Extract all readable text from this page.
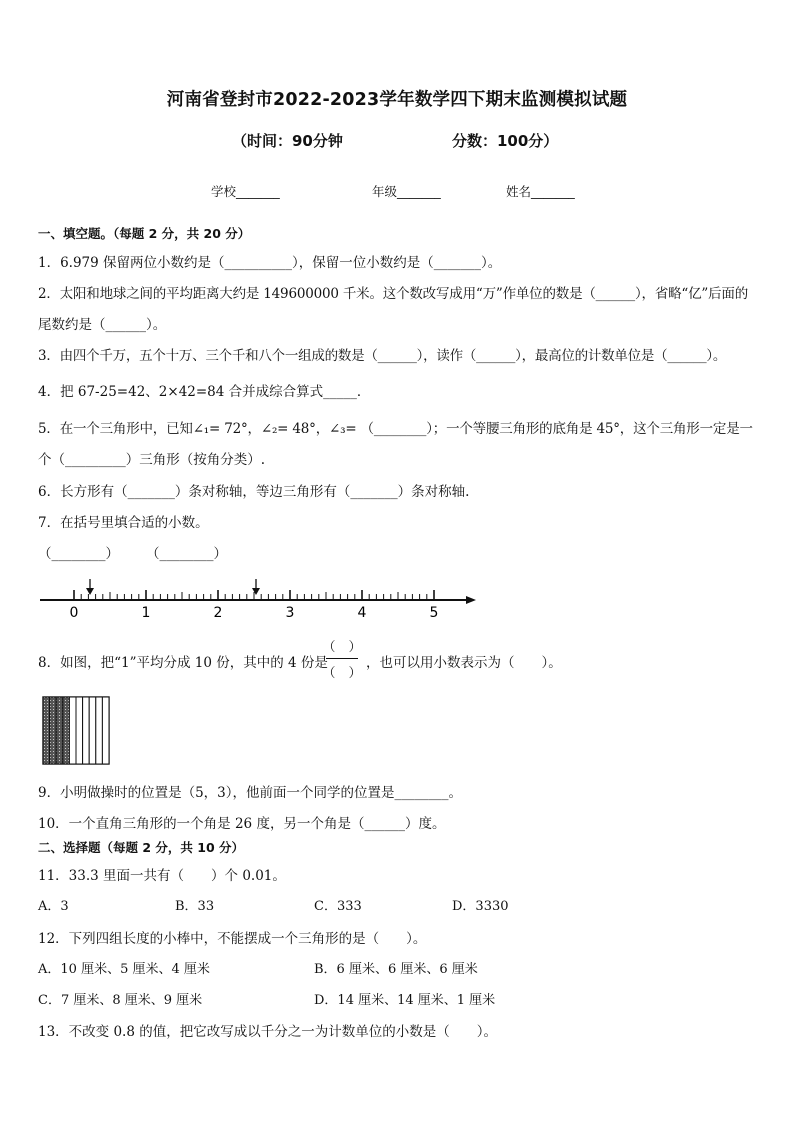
河南省登封市2022-2023学年数学四下期末监测模拟试题
（时间：90分钟	分数：100分）
学校_______	年级_______	姓名_______
一、填空题。（每题 2 分，共 20 分）
1．6.979 保留两位小数约是（__________），保留一位小数约是（_______）。
2．太阳和地球之间的平均距离大约是 149600000 千米。这个数改写成用“万”作单位的数是（______），省略“亿”后面的
尾数约是（______）。
3．由四个千万，五个十万、三个千和八个一组成的数是（______），读作（______），最高位的计数单位是（______）。
4．把 67-25=42、2×42=84 合并成综合算式_____．
5．在一个三角形中，已知∠₁= 72°，∠₂= 48°，∠₃= （________）；一个等腰三角形的底角是 45°，这个三角形一定是一
个（_________）三角形（按角分类）.
6．长方形有（_______）条对称轴，等边三角形有（_______）条对称轴.
7．在括号里填合适的小数。
（________） （________）
0	1	2	3	4	5
8．如图，把“1”平均分成 10 份，其中的 4 份是
（　）
（　）
，也可以用小数表示为（　　）。
9．小明做操时的位置是（5，3），他前面一个同学的位置是________。
10．一个直角三角形的一个角是 26 度，另一个角是（______）度。
二、选择题（每题 2 分，共 10 分）
11．33.3 里面一共有（　　）个 0.01。
A．3	B．33	C．333	D．3330
12．下列四组长度的小棒中，不能摆成一个三角形的是（　　）。
A．10 厘米、5 厘米、4 厘米	B．6 厘米、6 厘米、6 厘米
C．7 厘米、8 厘米、9 厘米	D．14 厘米、14 厘米、1 厘米
13．不改变 0.8 的值，把它改写成以千分之一为计数单位的小数是（　　）。
